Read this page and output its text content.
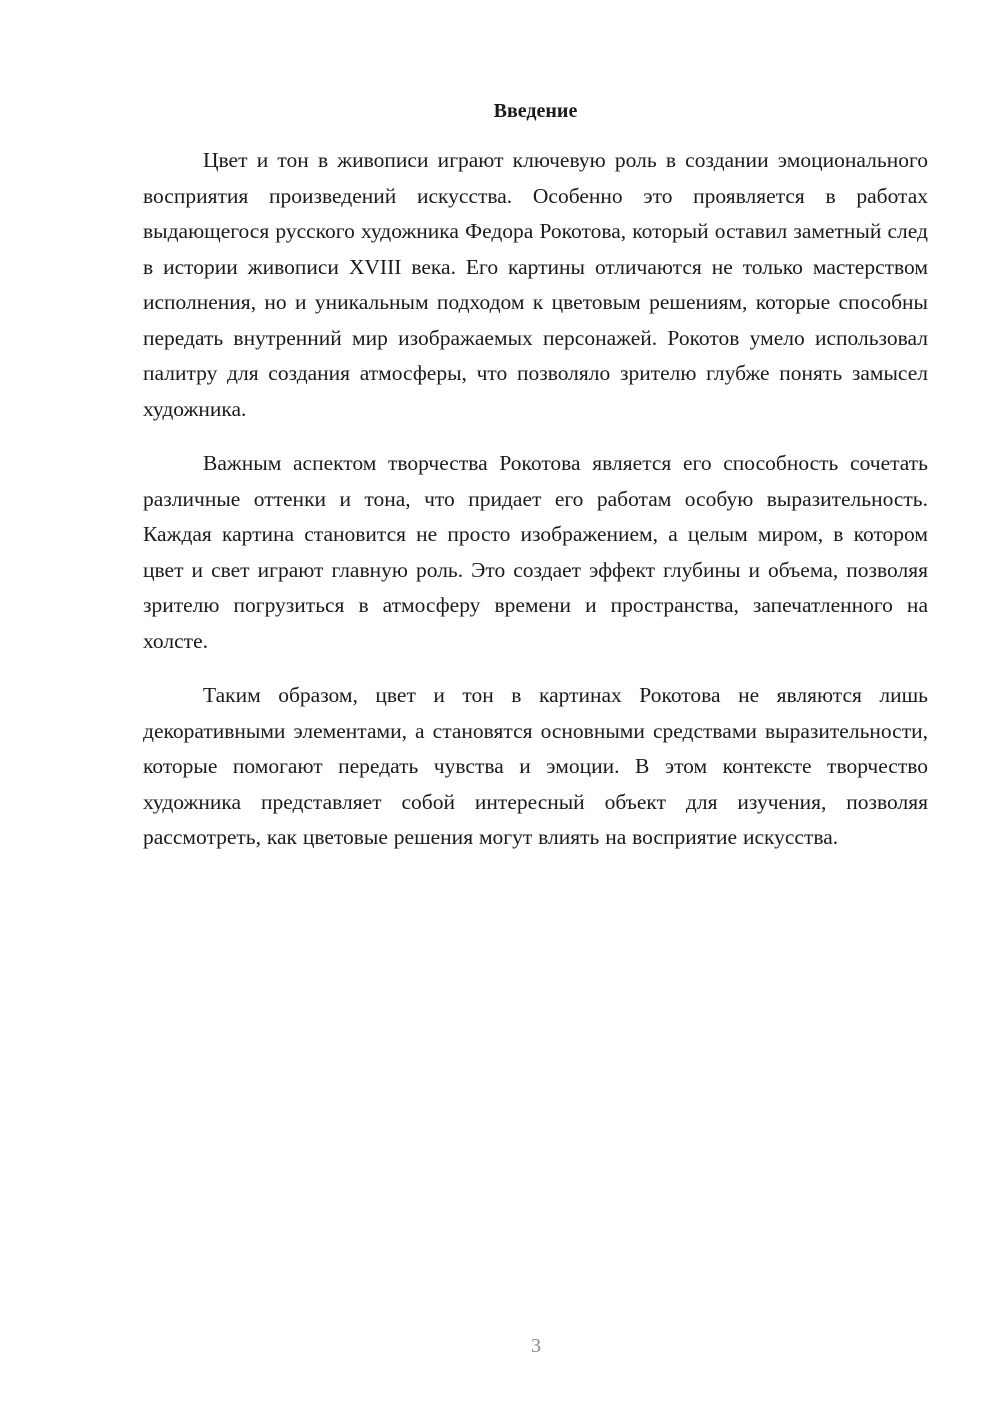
Введение

Цвет и тон в живописи играют ключевую роль в создании эмоционального восприятия произведений искусства. Особенно это проявляется в работах выдающегося русского художника Федора Рокотова, который оставил заметный след в истории живописи XVIII века. Его картины отличаются не только мастерством исполнения, но и уникальным подходом к цветовым решениям, которые способны передать внутренний мир изображаемых персонажей. Рокотов умело использовал палитру для создания атмосферы, что позволяло зрителю глубже понять замысел художника.

Важным аспектом творчества Рокотова является его способность сочетать различные оттенки и тона, что придает его работам особую выразительность. Каждая картина становится не просто изображением, а целым миром, в котором цвет и свет играют главную роль. Это создает эффект глубины и объема, позволяя зрителю погрузиться в атмосферу времени и пространства, запечатленного на холсте.

Таким образом, цвет и тон в картинах Рокотова не являются лишь декоративными элементами, а становятся основными средствами выразительности, которые помогают передать чувства и эмоции. В этом контексте творчество художника представляет собой интересный объект для изучения, позволяя рассмотреть, как цветовые решения могут влиять на восприятие искусства.

3
